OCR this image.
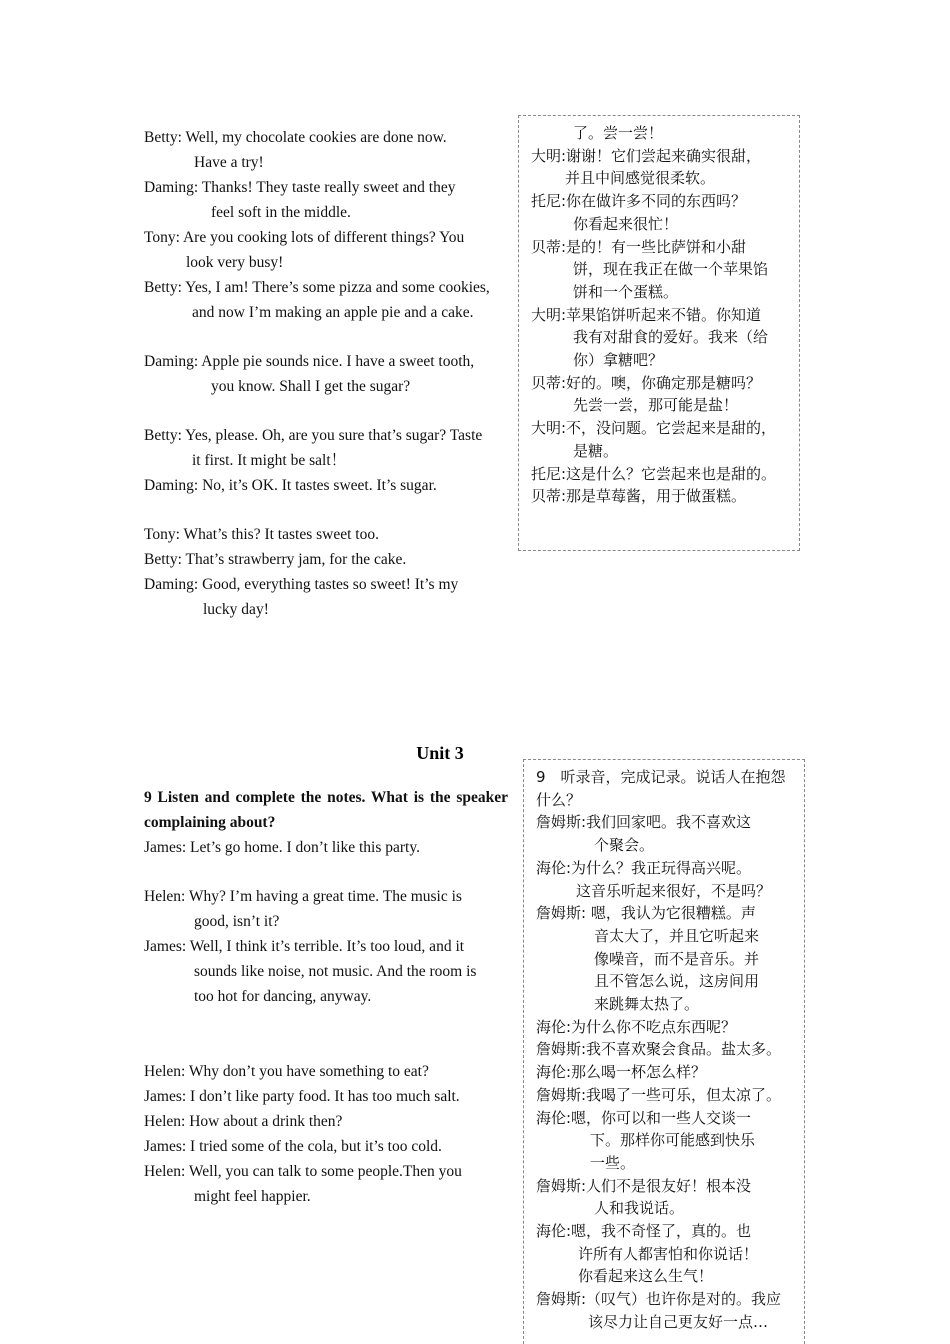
Betty: Well, my chocolate cookies are done now.

Have a try!

Daming: Thanks! They taste really sweet and they

feel soft in the middle.

Tony: Are you cooking lots of different things? You

look very busy!

Betty: Yes, I am! There’s some pizza and some cookies,

and now I’m making an apple pie and a cake.

Daming: Apple pie sounds nice. I have a sweet tooth,

you know. Shall I get the sugar?

Betty: Yes, please. Oh, are you sure that’s sugar? Taste

it first. It might be salt！

Daming: No, it’s OK. It tastes sweet. It’s sugar.

Tony: What’s this? It tastes sweet too.

Betty: That’s strawberry jam, for the cake.

Daming: Good, everything tastes so sweet! It’s my

lucky day!

了。尝一尝！

大明:谢谢！它们尝起来确实很甜，

并且中间感觉很柔软。

托尼:你在做许多不同的东西吗？

你看起来很忙！

贝蒂:是的！有一些比萨饼和小甜

饼，现在我正在做一个苹果馅

饼和一个蛋糕。

大明:苹果馅饼听起来不错。你知道

我有对甜食的爱好。我来（给

你）拿糖吧？

贝蒂:好的。噢，你确定那是糖吗？

先尝一尝，那可能是盐！

大明:不，没问题。它尝起来是甜的，

是糖。

托尼:这是什么？它尝起来也是甜的。

贝蒂:那是草莓酱，用于做蛋糕。

Unit 3

9 Listen and complete the notes. What is the speaker complaining about?

James: Let’s go home. I don’t like this party.

Helen: Why? I’m having a great time. The music is

good, isn’t it?

James: Well, I think it’s terrible. It’s too loud, and it

sounds like noise, not music. And the room is

too hot for dancing, anyway.

Helen: Why don’t you have something to eat?

James: I don’t like party food. It has too much salt.

Helen: How about a drink then?

James: I tried some of the cola, but it’s too cold.

Helen: Well, you can talk to some people.Then you

might feel happier.

9　听录音，完成记录。说话人在抱怨什么？

詹姆斯:我们回家吧。我不喜欢这

个聚会。

海伦:为什么？我正玩得高兴呢。

这音乐听起来很好，不是吗？

詹姆斯: 嗯，我认为它很糟糕。声

音太大了，并且它听起来

像噪音，而不是音乐。并

且不管怎么说，这房间用

来跳舞太热了。

海伦:为什么你不吃点东西呢？

詹姆斯:我不喜欢聚会食品。盐太多。

海伦:那么喝一杯怎么样？

詹姆斯:我喝了一些可乐，但太凉了。

海伦:嗯，你可以和一些人交谈一

下。那样你可能感到快乐

一些。

詹姆斯:人们不是很友好！根本没

人和我说话。

海伦:嗯，我不奇怪了，真的。也

许所有人都害怕和你说话！

你看起来这么生气！

詹姆斯:（叹气）也许你是对的。我应

该尽力让自己更友好一点…
